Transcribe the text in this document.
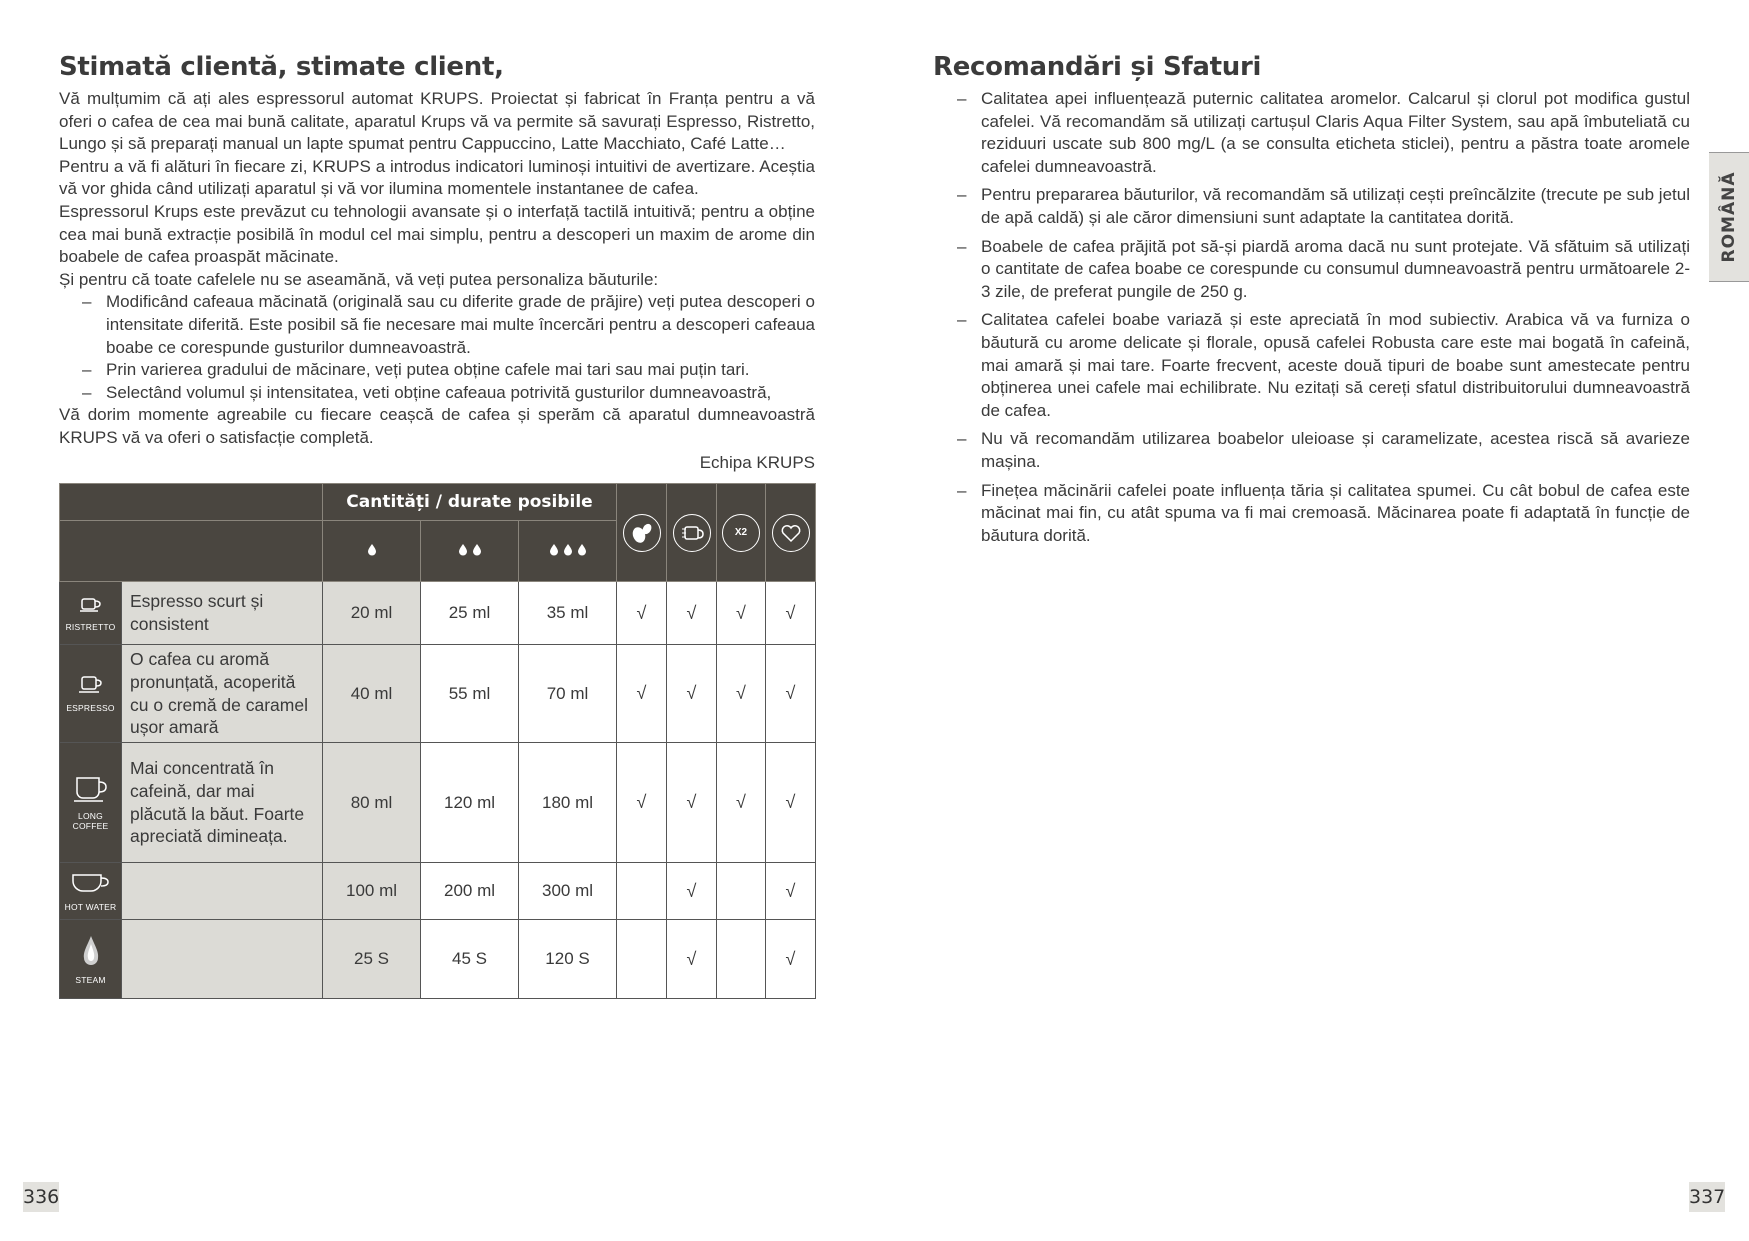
Stimată clientă, stimate client,

Vă mulțumim că ați ales espressorul automat KRUPS. Proiectat și fabricat în Franța pentru a vă oferi o cafea de cea mai bună calitate, aparatul Krups vă va permite să savurați Espresso, Ristretto, Lungo și să preparați manual un lapte spumat pentru Cappuccino, Latte Macchiato, Café Latte…

Pentru a vă fi alături în fiecare zi, KRUPS a introdus indicatori luminoși intuitivi de avertizare. Aceștia vă vor ghida când utilizați aparatul și vă vor ilumina momentele instantanee de cafea.

Espressorul Krups este prevăzut cu tehnologii avansate și o interfață tactilă intuitivă; pentru a obține cea mai bună extracție posibilă în modul cel mai simplu, pentru a descoperi un maxim de arome din boabele de cafea proaspăt măcinate.

Și pentru că toate cafelele nu se aseamănă, vă veți putea personaliza băuturile:

– Modificând cafeaua măcinată (originală sau cu diferite grade de prăjire) veți putea descoperi o intensitate diferită. Este posibil să fie necesare mai multe încercări pentru a descoperi cafeaua boabe ce corespunde gusturilor dumneavoastră.
– Prin varierea gradului de măcinare, veți putea obține cafele mai tari sau mai puțin tari.
– Selectând volumul și intensitatea, veti obține cafeaua potrivită gusturilor dumneavoastră,

Vă dorim momente agreabile cu fiecare ceașcă de cafea și sperăm că aparatul dumneavoastră KRUPS vă va oferi o satisfacție completă.

Echipa KRUPS
		Cantități / durate posibile					X2	

RISTRETTO	Espresso scurt și consistent	20 ml	25 ml	35 ml	√	√	√	√

ESPRESSO	O cafea cu aromă pronunțată, acoperită cu o cremă de caramel ușor amară	40 ml	55 ml	70 ml	√	√	√	√

LONG COFFEE	Mai concentrată în cafeină, dar mai plăcută la băut. Foarte apreciată dimineața.	80 ml	120 ml	180 ml	√	√	√	√

HOT WATER		100 ml	200 ml	300 ml		√		√

STEAM		25 S	45 S	120 S		√		√
Recomandări și Sfaturi
– Calitatea apei influențează puternic calitatea aromelor. Calcarul și clorul pot modifica gustul cafelei. Vă recomandăm să utilizați cartușul Claris Aqua Filter System, sau apă îmbuteliată cu reziduuri uscate sub 800 mg/L (a se consulta eticheta sticlei), pentru a păstra toate aromele cafelei dumneavoastră.
– Pentru prepararea băuturilor, vă recomandăm să utilizați cești preîncălzite (trecute pe sub jetul de apă caldă) și ale căror dimensiuni sunt adaptate la cantitatea dorită.
– Boabele de cafea prăjită pot să-și piardă aroma dacă nu sunt protejate. Vă sfătuim să utilizați o cantitate de cafea boabe ce corespunde cu consumul dumneavoastră pentru următoarele 2-3 zile, de preferat pungile de 250 g.
– Calitatea cafelei boabe variază și este apreciată în mod subiectiv. Arabica vă va furniza o băutură cu arome delicate și florale, opusă cafelei Robusta care este mai bogată în cafeină, mai amară și mai tare. Foarte frecvent, aceste două tipuri de boabe sunt amestecate pentru obținerea unei cafele mai echilibrate. Nu ezitați să cereți sfatul distribuitorului dumneavoastră de cafea.
– Nu vă recomandăm utilizarea boabelor uleioase și caramelizate, acestea riscă să avarieze mașina.
– Finețea măcinării cafelei poate influența tăria și calitatea spumei. Cu cât bobul de cafea este măcinat mai fin, cu atât spuma va fi mai cremoasă. Măcinarea poate fi adaptată în funcție de băutura dorită.
ROMÂNĂ
336	337
